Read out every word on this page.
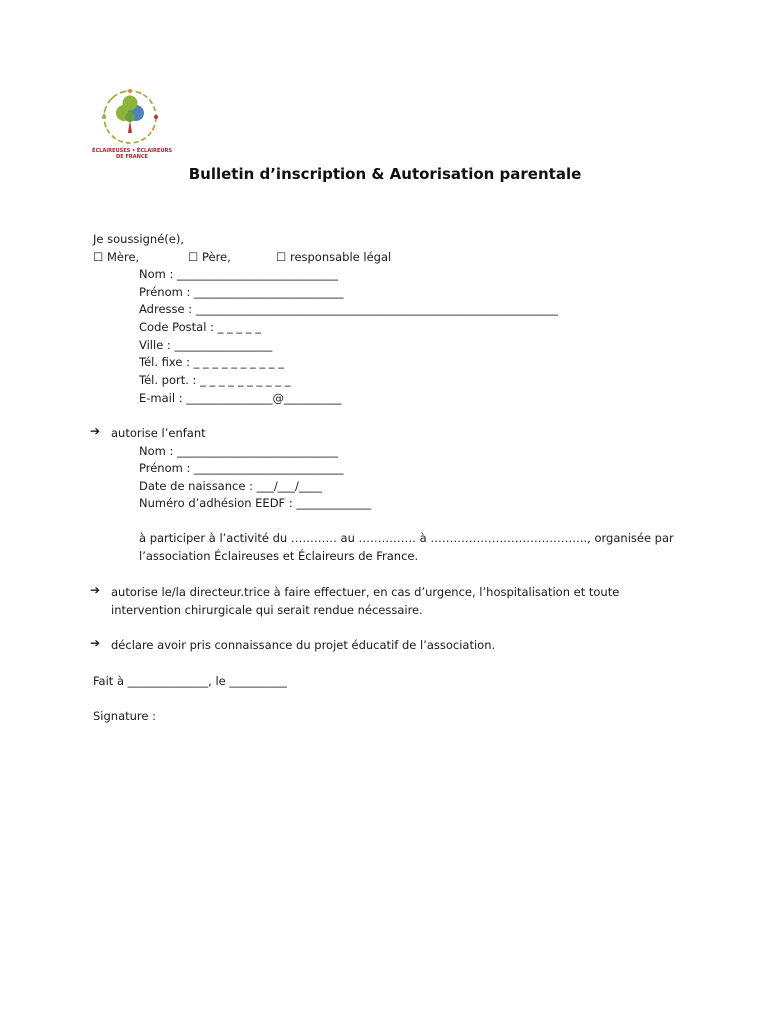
ÉCLAIREUSES • ÉCLAIREURS
DE FRANCE
Bulletin d’inscription & Autorisation parentale
Je soussigné(e),
☐ Mère,	☐ Père,	☐ responsable légal
Nom : ____________________________
Prénom : __________________________
Adresse : _______________________________________________________________
Code Postal : _ _ _ _ _
Ville : _________________
Tél. fixe : _ _ _ _ _ _ _ _ _ _
Tél. port. : _ _ _ _ _ _ _ _ _ _
E-mail : _______________@__________
➔ autorise l’enfant
Nom : ____________________________
Prénom : __________________________
Date de naissance : ___/___/____
Numéro d’adhésion EEDF : _____________
à participer à l’activité du ………… au …………… à ………………………………….., organisée par
l’association Éclaireuses et Éclaireurs de France.
➔ autorise le/la directeur.trice à faire effectuer, en cas d’urgence, l’hospitalisation et toute
intervention chirurgicale qui serait rendue nécessaire.
➔ déclare avoir pris connaissance du projet éducatif de l’association.
Fait à ______________, le __________
Signature :
